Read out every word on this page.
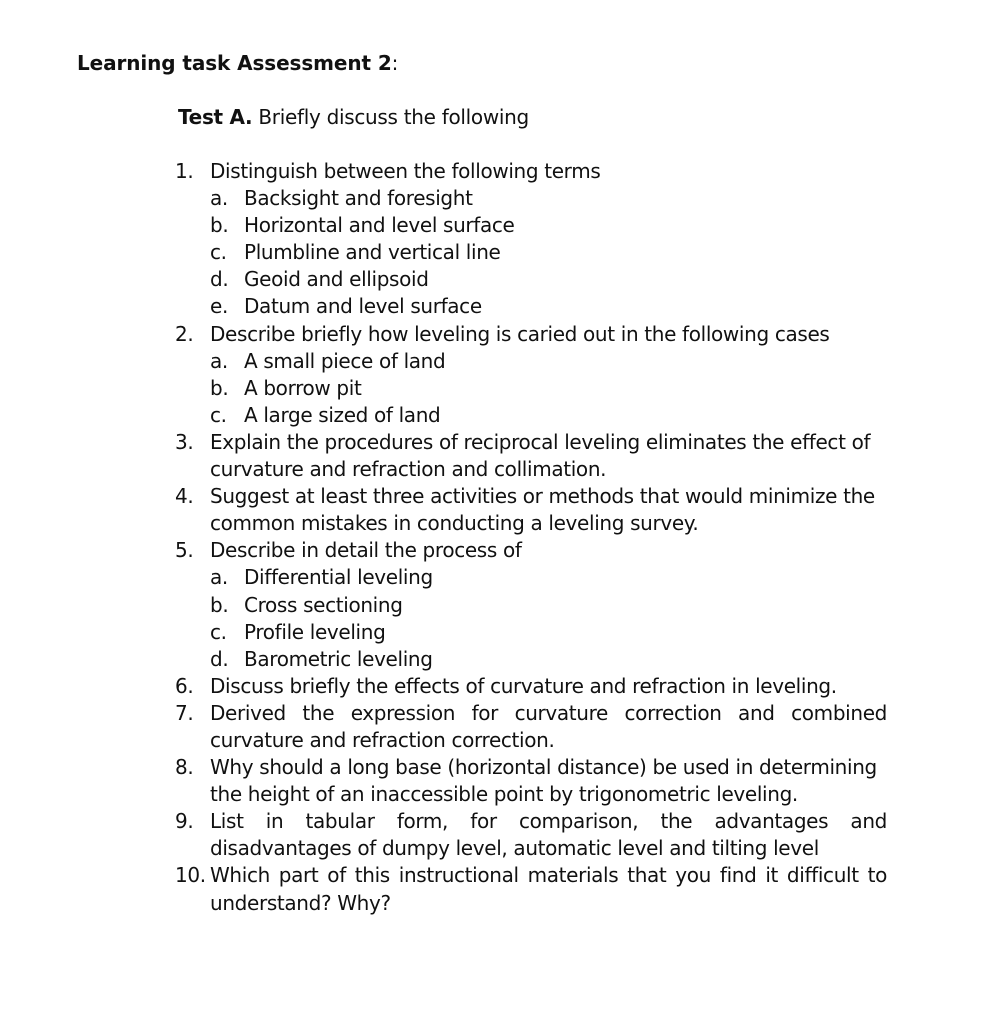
Learning task Assessment 2:
Test A. Briefly discuss the following
1. Distinguish between the following terms
a. Backsight and foresight
b. Horizontal and level surface
c. Plumbline and vertical line
d. Geoid and ellipsoid
e. Datum and level surface
2. Describe briefly how leveling is caried out in the following cases
a. A small piece of land
b. A borrow pit
c. A large sized of land
3. Explain the procedures of reciprocal leveling eliminates the effect of curvature and refraction and collimation.
4. Suggest at least three activities or methods that would minimize the common mistakes in conducting a leveling survey.
5. Describe in detail the process of
a. Differential leveling
b. Cross sectioning
c. Profile leveling
d. Barometric leveling
6. Discuss briefly the effects of curvature and refraction in leveling.
7. Derived the expression for curvature correction and combined curvature and refraction correction.
8. Why should a long base (horizontal distance) be used in determining the height of an inaccessible point by trigonometric leveling.
9. List in tabular form, for comparison, the advantages and disadvantages of dumpy level, automatic level and tilting level
10. Which part of this instructional materials that you find it difficult to understand? Why?
